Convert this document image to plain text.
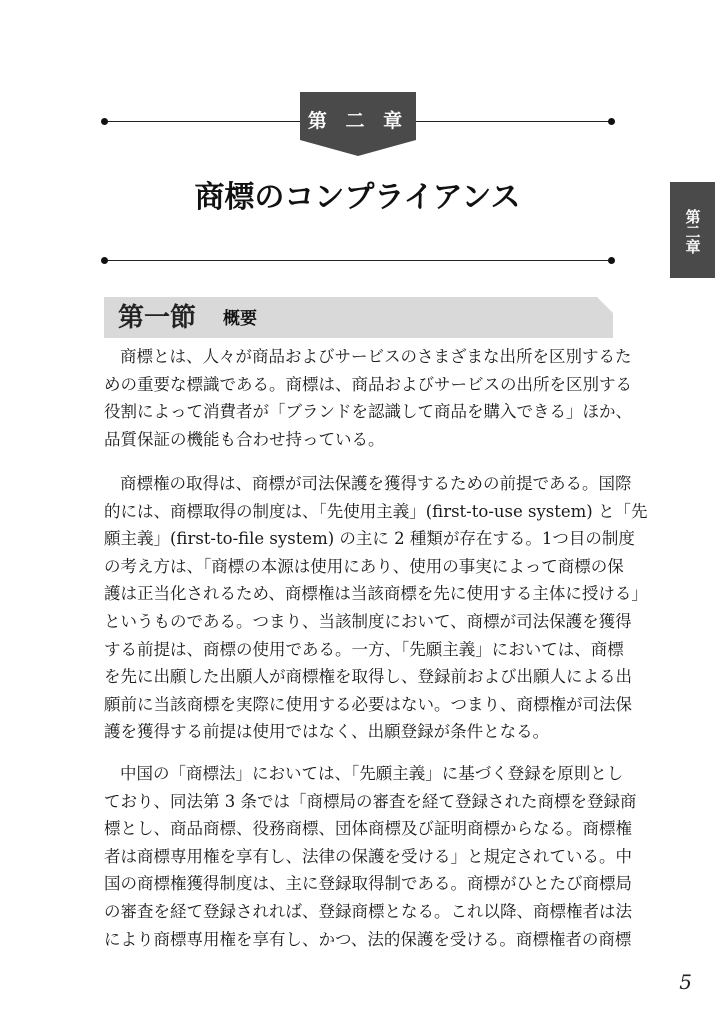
第 二 章
商標のコンプライアンス
第二章
第一節 概要
商標とは、人々が商品およびサービスのさまざまな出所を区別するた
めの重要な標識である。商標は、商品およびサービスの出所を区別する
役割によって消費者が「ブランドを認識して商品を購入できる」ほか、
品質保証の機能も合わせ持っている。
商標権の取得は、商標が司法保護を獲得するための前提である。国際
的には、商標取得の制度は、「先使用主義」(first-to-use system) と「先
願主義」(first-to-file system) の主に 2 種類が存在する。1つ目の制度
の考え方は、「商標の本源は使用にあり、使用の事実によって商標の保
護は正当化されるため、商標権は当該商標を先に使用する主体に授ける」
というものである。つまり、当該制度において、商標が司法保護を獲得
する前提は、商標の使用である。一方、「先願主義」においては、商標
を先に出願した出願人が商標権を取得し、登録前および出願人による出
願前に当該商標を実際に使用する必要はない。つまり、商標権が司法保
護を獲得する前提は使用ではなく、出願登録が条件となる。
中国の「商標法」においては、「先願主義」に基づく登録を原則とし
ており、同法第 3 条では「商標局の審査を経て登録された商標を登録商
標とし、商品商標、役務商標、団体商標及び証明商標からなる。商標権
者は商標専用権を享有し、法律の保護を受ける」と規定されている。中
国の商標権獲得制度は、主に登録取得制である。商標がひとたび商標局
の審査を経て登録されれば、登録商標となる。これ以降、商標権者は法
により商標専用権を享有し、かつ、法的保護を受ける。商標権者の商標
5
